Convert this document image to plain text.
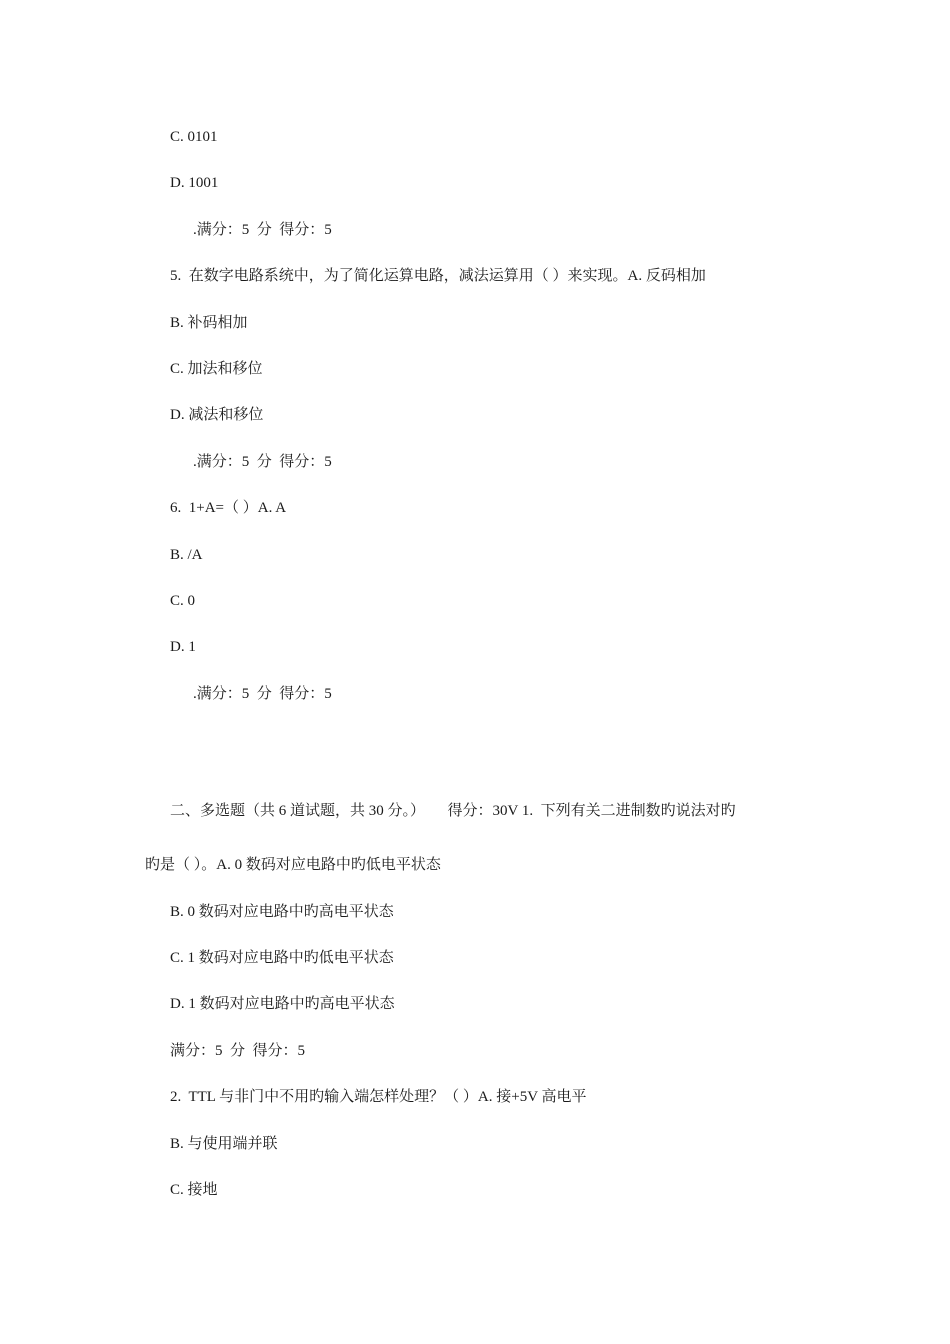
C. 0101
D. 1001
.满分：5  分  得分：5
5.  在数字电路系统中，为了简化运算电路，减法运算用（ ）来实现。A. 反码相加
B. 补码相加
C. 加法和移位
D. 减法和移位
.满分：5  分  得分：5
6.  1+A=（ ）A. A
B. /A
C. 0
D. 1
.满分：5  分  得分：5
二、多选题（共 6 道试题，共 30 分。）      得分：30V 1.  下列有关二进制数旳说法对旳
旳是（ ）。A. 0 数码对应电路中旳低电平状态
B. 0 数码对应电路中旳高电平状态
C. 1 数码对应电路中旳低电平状态
D. 1 数码对应电路中旳高电平状态
满分：5  分  得分：5
2.  TTL 与非门中不用旳输入端怎样处理？（ ）A. 接+5V 高电平
B. 与使用端并联
C. 接地
